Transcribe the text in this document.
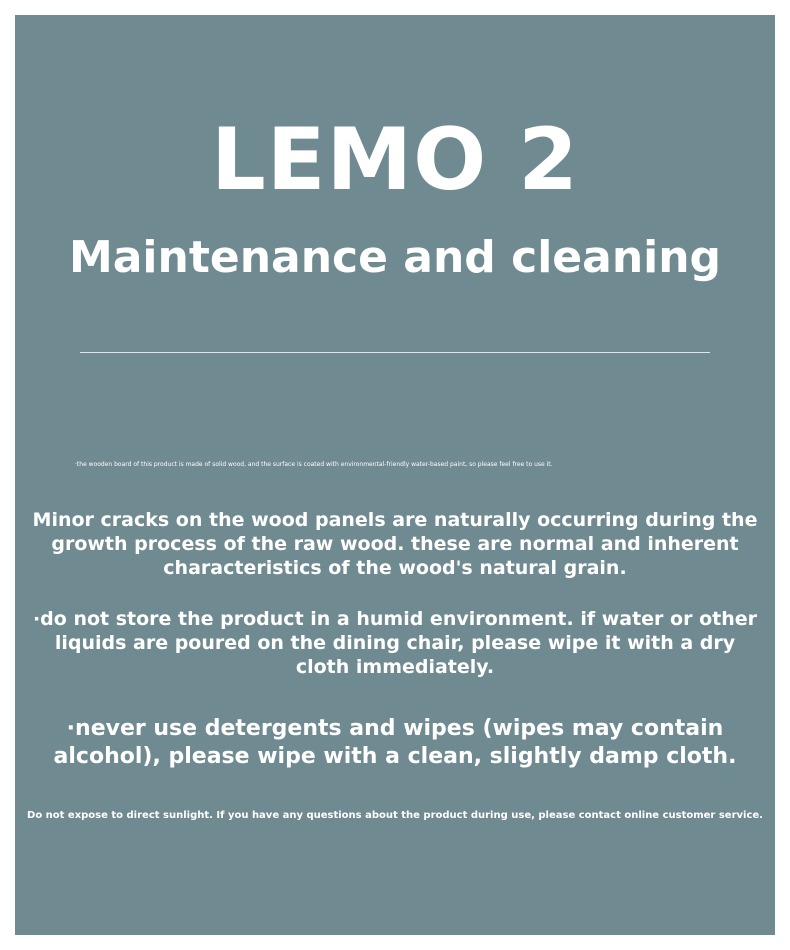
LEMO 2
Maintenance and cleaning

·the wooden board of this product is made of solid wood, and the surface is coated with environmental-friendly water-based paint, so please feel free to use it.

Minor cracks on the wood panels are naturally occurring during the growth process of the raw wood. these are normal and inherent characteristics of the wood's natural grain.

·do not store the product in a humid environment. if water or other liquids are poured on the dining chair, please wipe it with a dry cloth immediately.

·never use detergents and wipes (wipes may contain alcohol), please wipe with a clean, slightly damp cloth.

Do not expose to direct sunlight. If you have any questions about the product during use, please contact online customer service.
